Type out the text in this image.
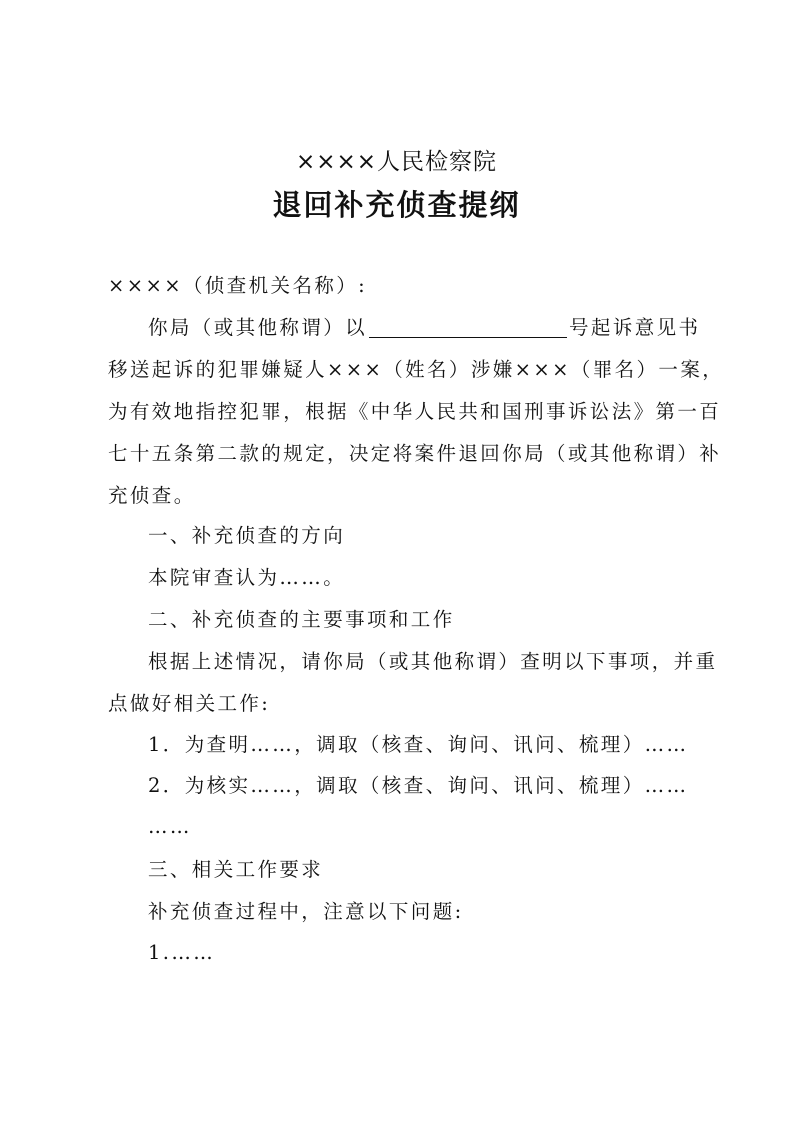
××××人民检察院
退回补充侦查提纲
××××（侦查机关名称）:
你局（或其他称谓）以	号起诉意见书
移送起诉的犯罪嫌疑人×××（姓名）涉嫌×××（罪名）一案，
为有效地指控犯罪，根据《中华人民共和国刑事诉讼法》第一百
七十五条第二款的规定，决定将案件退回你局（或其他称谓）补
充侦查。
一、补充侦查的方向
本院审查认为……。
二、补充侦查的主要事项和工作
根据上述情况，请你局（或其他称谓）查明以下事项，并重
点做好相关工作:
1．为查明……，调取（核查、询问、讯问、梳理）……
2．为核实……，调取（核查、询问、讯问、梳理）……
……
三、相关工作要求
补充侦查过程中，注意以下问题:
1.……
